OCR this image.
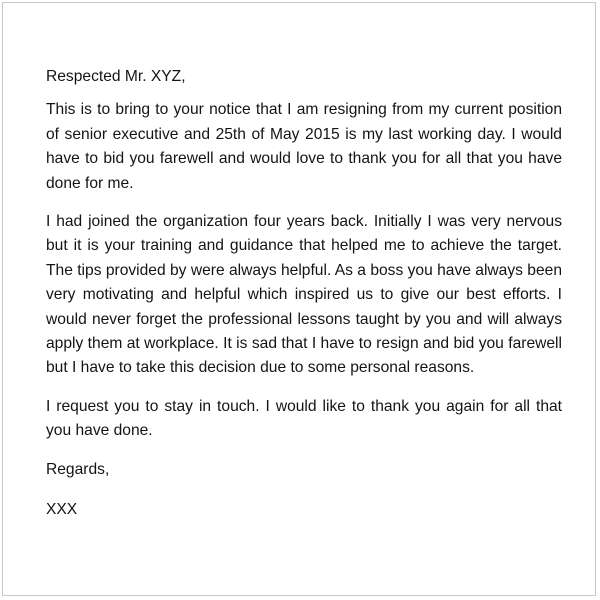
Respected Mr. XYZ,

This is to bring to your notice that I am resigning from my current position of senior executive and 25th of May 2015 is my last working day. I would have to bid you farewell and would love to thank you for all that you have done for me.

I had joined the organization four years back. Initially I was very nervous but it is your training and guidance that helped me to achieve the target. The tips provided by were always helpful. As a boss you have always been very motivating and helpful which inspired us to give our best efforts. I would never forget the professional lessons taught by you and will always apply them at workplace. It is sad that I have to resign and bid you farewell but I have to take this decision due to some personal reasons.

I request you to stay in touch. I would like to thank you again for all that you have done.

Regards,

XXX
